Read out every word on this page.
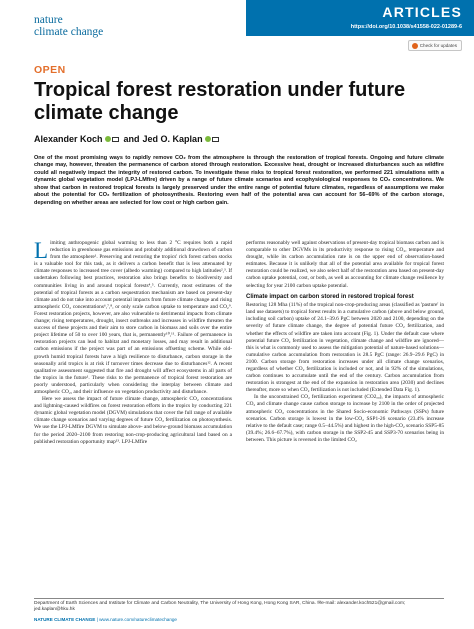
nature
climate change
ARTICLES
https://doi.org/10.1038/s41558-022-01289-6
Check for updates
OPEN
Tropical forest restoration under future climate change
Alexander Koch and Jed O. Kaplan

One of the most promising ways to rapidly remove CO₂ from the atmosphere is through the restoration of tropical forests. Ongoing and future climate change may, however, threaten the permanence of carbon stored through restoration. Excessive heat, drought or increased disturbances such as wildfire could all negatively impact the integrity of restored carbon. To investigate these risks to tropical forest restoration, we performed 221 simulations with a dynamic global vegetation model (LPJ-LMfire) driven by a range of future climate scenarios and ecophysiological responses to CO₂ concentrations. We show that carbon in restored tropical forests is largely preserved under the entire range of potential future climates, regardless of assumptions we make about the potential for CO₂ fertilization of photosynthesis. Restoring even half of the potential area can account for 56–69% of the carbon storage, depending on whether areas are selected for low cost or high carbon gain.

Limiting anthropogenic global warming to less than 2 °C requires both a rapid reduction in greenhouse gas emissions and probably additional drawdown of carbon from the atmosphere¹. Preserving and restoring the tropics' rich forest carbon stocks is a valuable tool for this task, as it delivers a carbon benefit that is less attenuated by climate responses to increased tree cover (albedo warming) compared to high latitudes²,³. If undertaken following best practices, restoration also brings benefits to biodiversity and communities living in and around tropical forests⁴,⁵. Currently, most estimates of the potential of tropical forests as a carbon sequestration mechanism are based on present-day climate and do not take into account potential impacts from future climate change and rising atmospheric CO₂ concentrations⁶,⁷,⁸, or only scale carbon uptake to temperature and CO₂⁹. Forest restoration projects, however, are also vulnerable to detrimental impacts from climate change; rising temperatures, drought, insect outbreaks and increases in wildfire threaten the success of these projects and their aim to store carbon in biomass and soils over the entire project lifetime of 50 to over 100 years, that is, permanently¹⁰,¹¹. Failure of permanence in restoration projects can lead to habitat and monetary losses, and may result in additional carbon emissions if the project was part of an emissions offsetting scheme. While old-growth humid tropical forests have a high resilience to disturbance, carbon storage in the seasonally arid tropics is at risk if turnover times decrease due to disturbances¹². A recent qualitative assessment suggested that fire and drought will affect ecosystems in all parts of the tropics in the future¹. These risks to the permanence of tropical forest restoration are poorly understood, particularly when considering the interplay between climate and atmospheric CO₂, and their influence on vegetation productivity and disturbance.

Here we assess the impact of future climate change, atmospheric CO₂ concentrations and lightning-caused wildfires on forest restoration efforts in the tropics by conducting 221 dynamic global vegetation model (DGVM) simulations that cover the full range of available climate change scenarios and varying degrees of future CO₂ fertilization on photosynthesis. We use the LPJ-LMfire DGVM to simulate above- and below-ground biomass accumulation for the period 2020–2100 from restoring non-crop-producing agricultural land based on a published restoration opportunity map¹³. LPJ-LMfire

performs reasonably well against observations of present-day tropical biomass carbon and is comparable to other DGVMs in its productivity response to rising CO₂, temperature and drought, while its carbon accumulation rate is on the upper end of observation-based estimates. Because it is unlikely that all of the potential area available for tropical forest restoration could be realized, we also select half of the restoration area based on present-day carbon uptake potential, cost, or both, as well as accounting for climate change resilience by selecting for year 2100 carbon uptake potential.

Climate impact on carbon stored in restored tropical forest

Restoring 128 Mha (11%) of the tropical non-crop-producing areas (classified as 'pasture' in land use datasets) to tropical forest results in a cumulative carbon (above and below ground, including soil carbon) uptake of 24.1–39.6 PgC between 2020 and 2100, depending on the severity of future climate change, the degree of potential future CO₂ fertilization, and whether the effects of wildfire are taken into account (Fig. 1). Under the default case where potential future CO₂ fertilization in vegetation, climate change and wildfire are ignored—this is what is commonly used to assess the mitigation potential of nature-based solutions—cumulative carbon accumulation from restoration is 28.5 PgC (range: 26.9–29.6 PgC) in 2100. Carbon storage from restoration increases under all climate change scenarios, regardless of whether CO₂ fertilization is included or not, and in 92% of the simulations, carbon continues to accumulate until the end of the century. Carbon accumulation from restoration is strongest at the end of the expansion in restoration area (2030) and declines thereafter, more so when CO₂ fertilization is not included (Extended Data Fig. 1).

In the unconstrained CO₂ fertilization experiment (CO2ₐᵤ), the impacts of atmospheric CO₂ and climate change cause carbon storage to increase by 2100 in the order of projected atmospheric CO₂ concentrations in the Shared Socio-economic Pathways (SSPs) future scenarios. Carbon storage is lowest in the low-CO₂ SSP1-26 scenario (23.4% increase relative to the default case; range 0.5–44.5%) and highest in the high-CO₂ scenario SSP5-85 (39.4%; 26.6–67.7%), with carbon storage in the SSP2-45 and SSP3-70 scenarios being in between. This picture is reversed in the limited CO₂

Department of Earth Sciences and Institute for Climate and Carbon Neutrality, The University of Hong Kong, Hong Kong SAR, China. ✉e-mail: alexander.koch521@gmail.com; jed.kaplan@hku.hk
NATURE CLIMATE CHANGE | www.nature.com/natureclimatechange
